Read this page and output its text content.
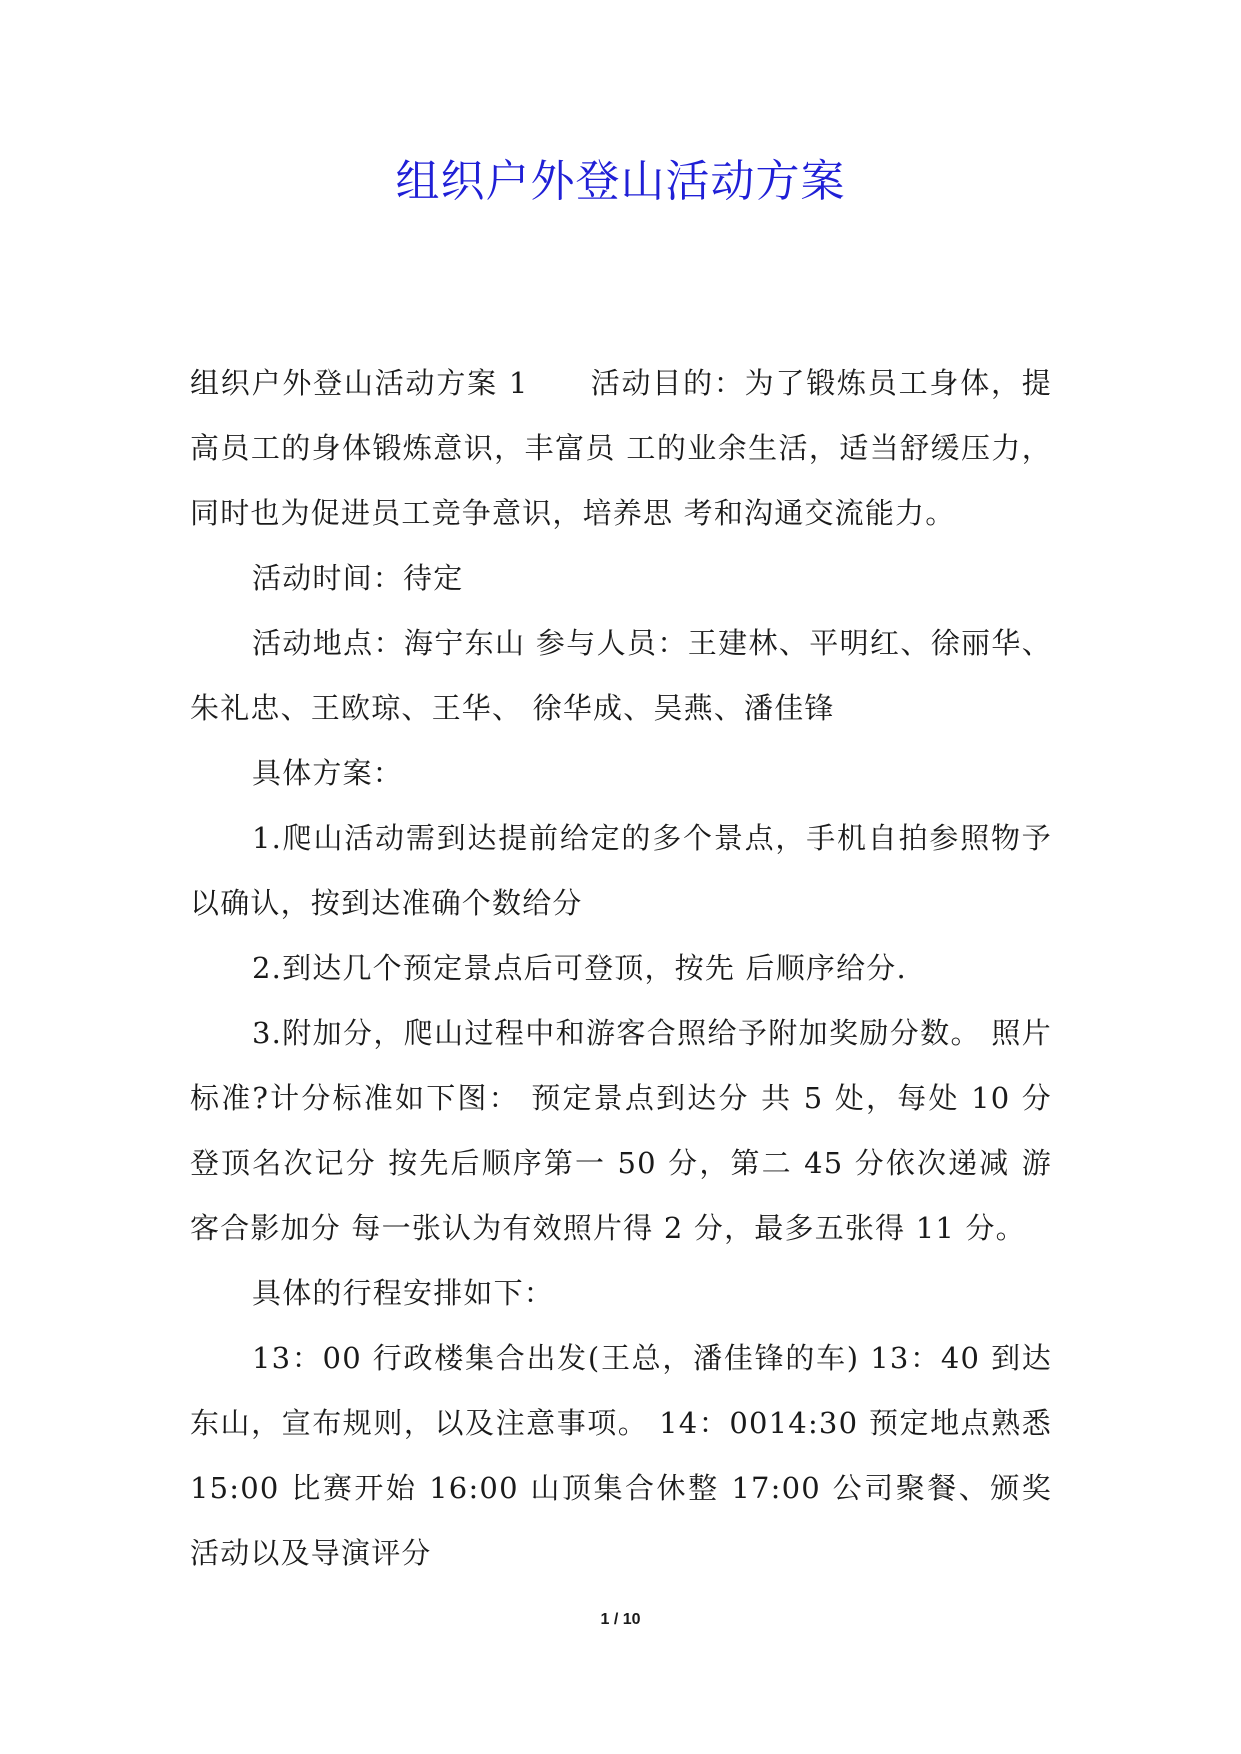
组织户外登山活动方案

组织户外登山活动方案 1　　活动目的：为了锻炼员工身体，提高员工的身体锻炼意识，丰富员 工的业余生活，适当舒缓压力，同时也为促进员工竞争意识，培养思 考和沟通交流能力。

活动时间：待定

活动地点：海宁东山 参与人员：王建林、平明红、徐丽华、朱礼忠、王欧琼、王华、 徐华成、吴燕、潘佳锋

具体方案：

1.爬山活动需到达提前给定的多个景点，手机自拍参照物予以确认，按到达准确个数给分

2.到达几个预定景点后可登顶，按先 后顺序给分.

3.附加分，爬山过程中和游客合照给予附加奖励分数。 照片标准?计分标准如下图： 预定景点到达分 共 5 处，每处 10 分 登顶名次记分 按先后顺序第一 50 分，第二 45 分依次递减 游客合影加分 每一张认为有效照片得 2 分，最多五张得 11 分。

具体的行程安排如下：

13：00 行政楼集合出发(王总，潘佳锋的车) 13：40 到达东山，宣布规则，以及注意事项。 14：0014:30 预定地点熟悉 15:00 比赛开始 16:00 山顶集合休整 17:00 公司聚餐、颁奖活动以及导演评分

1 / 10
